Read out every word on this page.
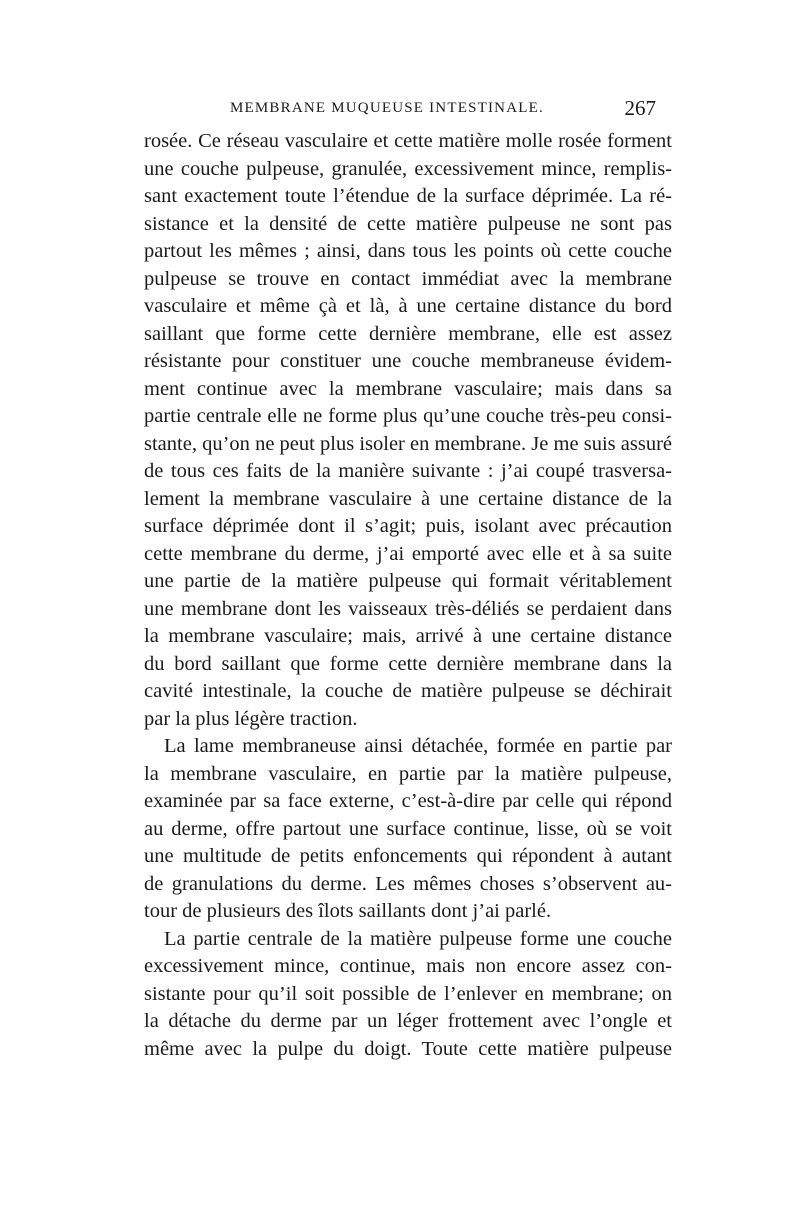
MEMBRANE MUQUEUSE INTESTINALE.	267
rosée. Ce réseau vasculaire et cette matière molle rosée forment
une couche pulpeuse, granulée, excessivement mince, remplis-
sant exactement toute l’étendue de la surface déprimée. La ré-
sistance et la densité de cette matière pulpeuse ne sont pas
partout les mêmes ; ainsi, dans tous les points où cette couche
pulpeuse se trouve en contact immédiat avec la membrane
vasculaire et même çà et là, à une certaine distance du bord
saillant que forme cette dernière membrane, elle est assez
résistante pour constituer une couche membraneuse évidem-
ment continue avec la membrane vasculaire; mais dans sa
partie centrale elle ne forme plus qu’une couche très-peu consi-
stante, qu’on ne peut plus isoler en membrane. Je me suis assuré
de tous ces faits de la manière suivante : j’ai coupé trasversa-
lement la membrane vasculaire à une certaine distance de la
surface déprimée dont il s’agit; puis, isolant avec précaution
cette membrane du derme, j’ai emporté avec elle et à sa suite
une partie de la matière pulpeuse qui formait véritablement
une membrane dont les vaisseaux très-déliés se perdaient dans
la membrane vasculaire; mais, arrivé à une certaine distance
du bord saillant que forme cette dernière membrane dans la
cavité intestinale, la couche de matière pulpeuse se déchirait
par la plus légère traction.
La lame membraneuse ainsi détachée, formée en partie par
la membrane vasculaire, en partie par la matière pulpeuse,
examinée par sa face externe, c’est-à-dire par celle qui répond
au derme, offre partout une surface continue, lisse, où se voit
une multitude de petits enfoncements qui répondent à autant
de granulations du derme. Les mêmes choses s’observent au-
tour de plusieurs des îlots saillants dont j’ai parlé.
La partie centrale de la matière pulpeuse forme une couche
excessivement mince, continue, mais non encore assez con-
sistante pour qu’il soit possible de l’enlever en membrane; on
la détache du derme par un léger frottement avec l’ongle et
même avec la pulpe du doigt. Toute cette matière pulpeuse
